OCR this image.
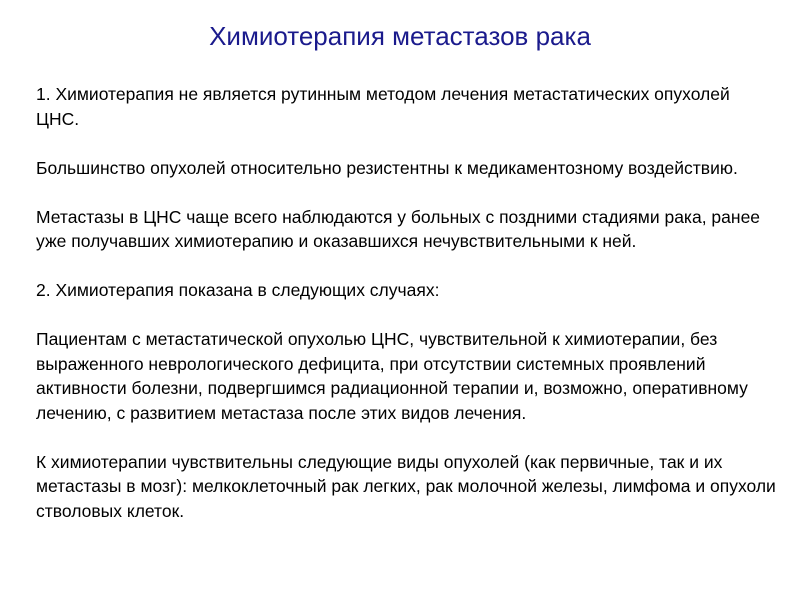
Химиотерапия метастазов рака

1. Химиотерапия не является рутинным методом лечения метастатических опухолей ЦНС.

Большинство опухолей относительно резистентны к медикаментозному воздействию.

Метастазы в ЦНС чаще всего наблюдаются у больных с поздними стадиями рака, ранее уже получавших химиотерапию и оказавшихся нечувствительными к ней.

2. Химиотерапия показана в следующих случаях:

Пациентам с метастатической опухолью ЦНС, чувствительной к химиотерапии, без выраженного неврологического дефицита, при отсутствии системных проявлений активности болезни, подвергшимся радиационной терапии и, возможно, оперативному лечению, с развитием метастаза после этих видов лечения.

К химиотерапии чувствительны следующие виды опухолей (как первичные, так и их метастазы в мозг): мелкоклеточный рак легких, рак молочной железы, лимфома и опухоли стволовых клеток.
